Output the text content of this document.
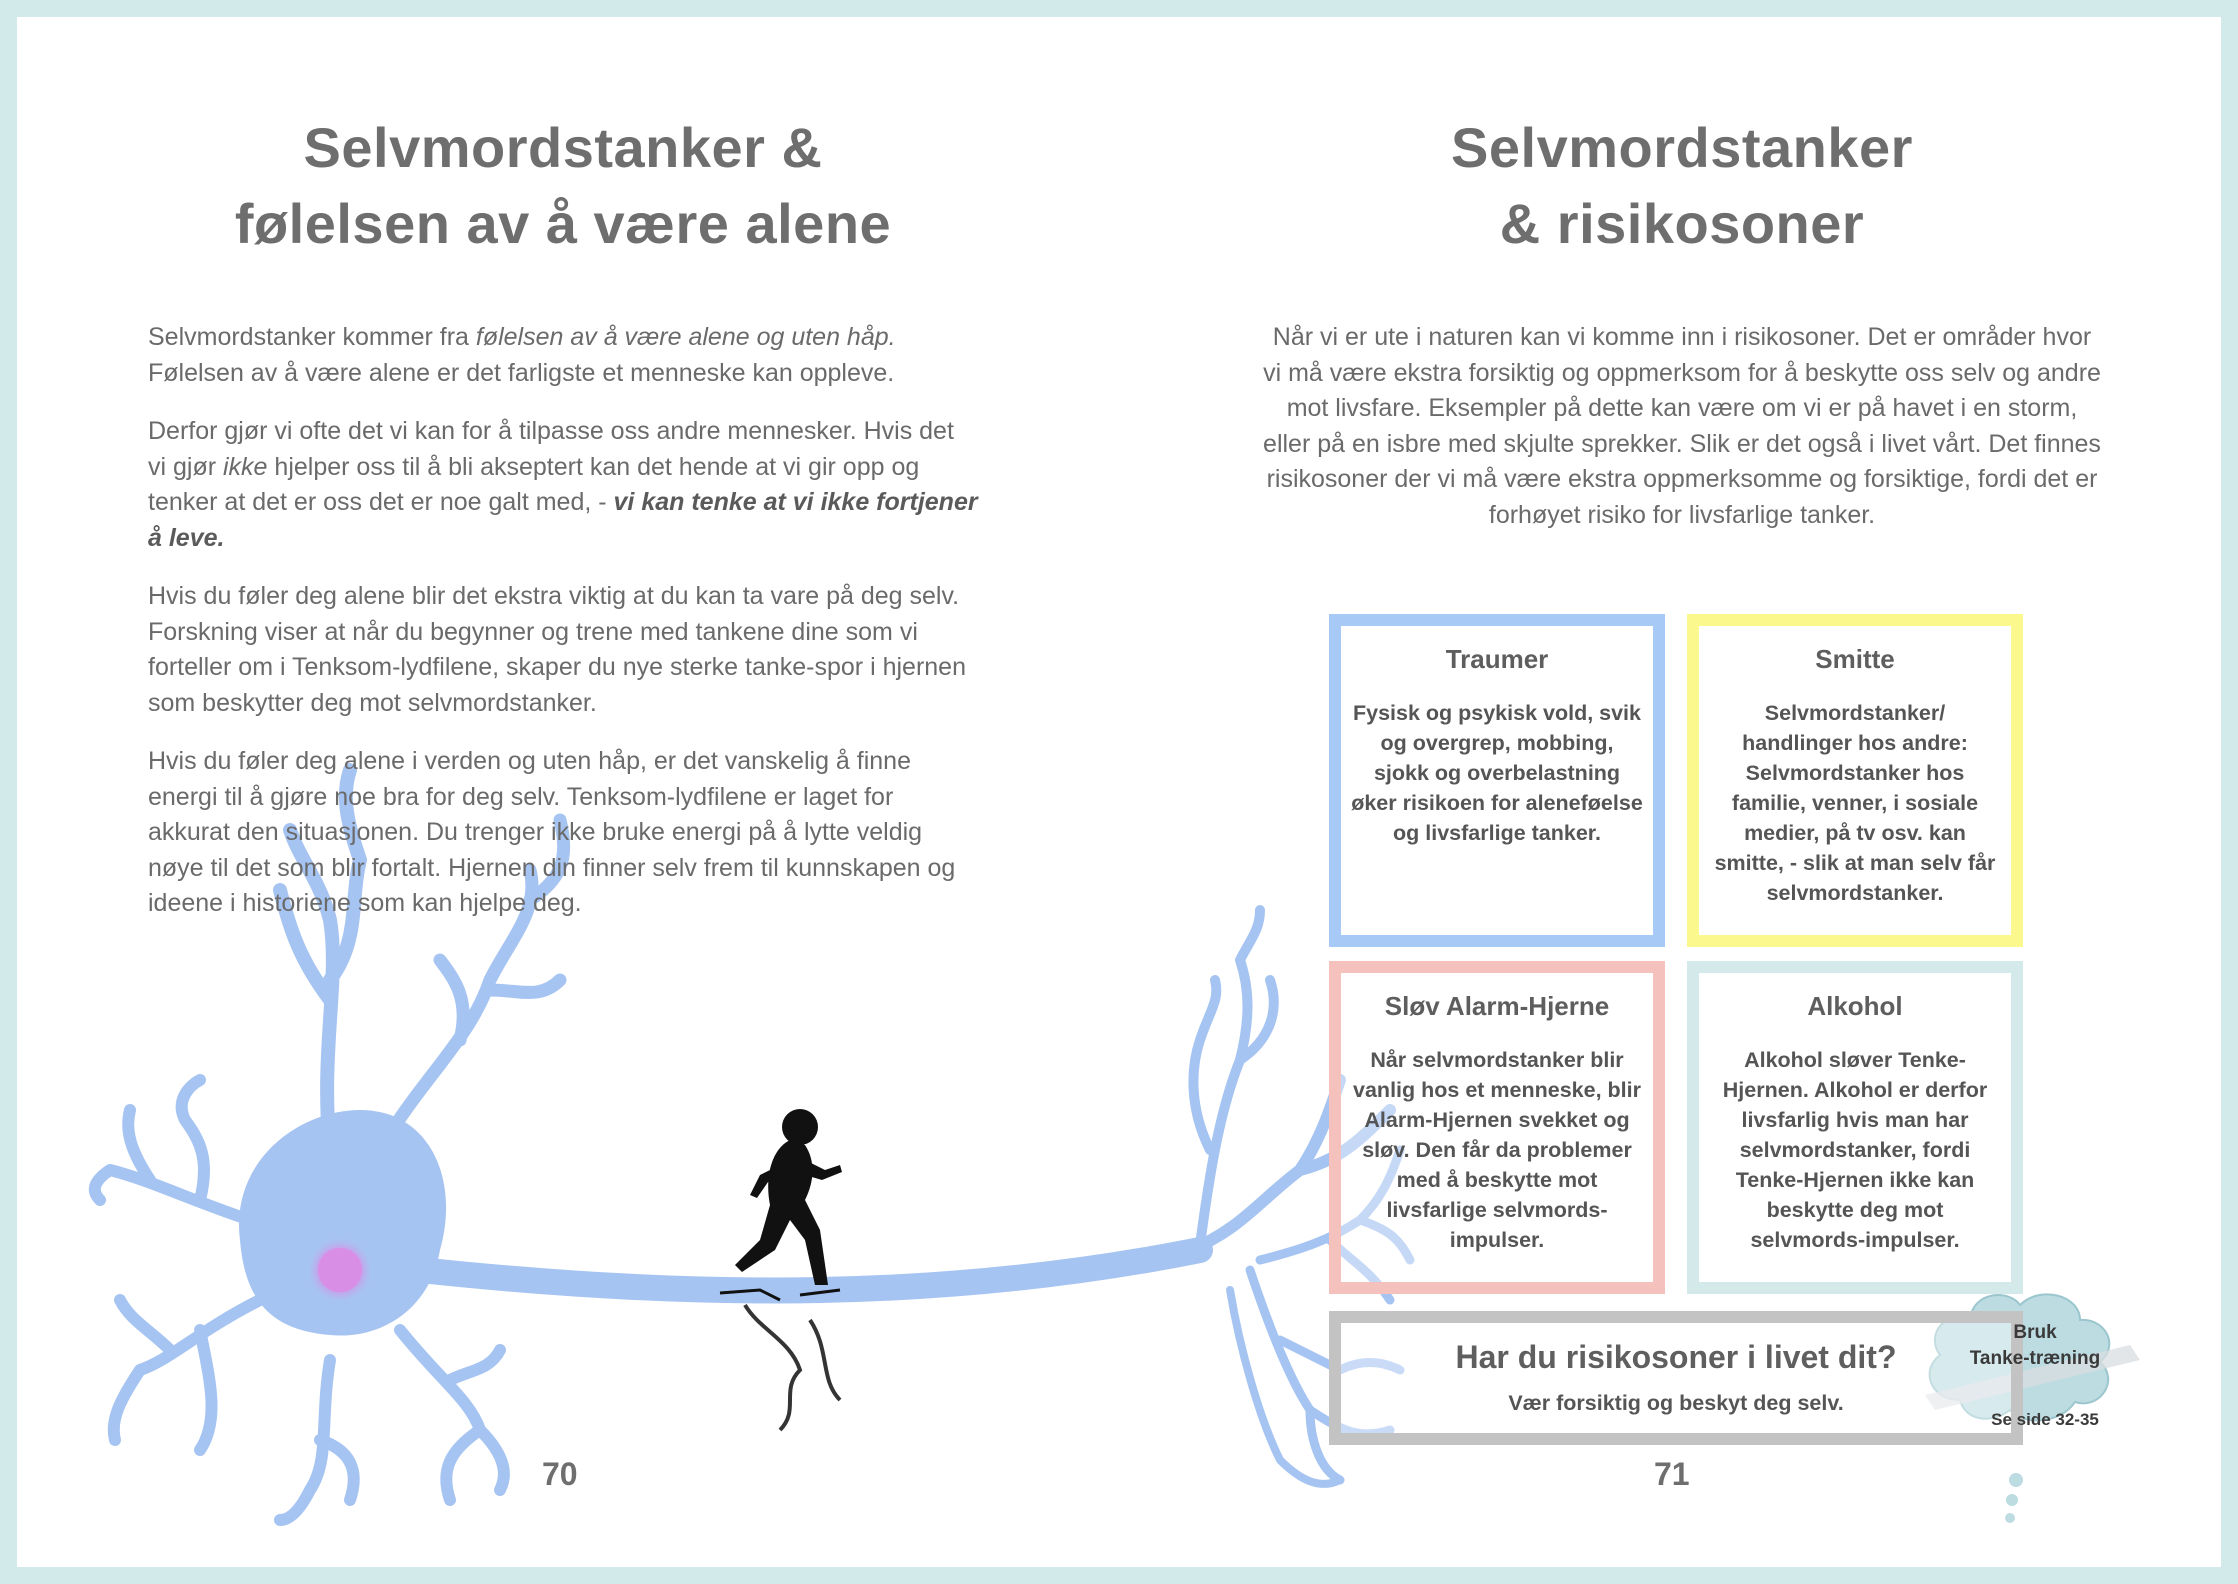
Selvmordstanker &
følelsen av å være alene

Selvmordstanker kommer fra følelsen av å være alene og uten håp.
Følelsen av å være alene er det farligste et menneske kan oppleve.

Derfor gjør vi ofte det vi kan for å tilpasse oss andre mennesker. Hvis det vi gjør ikke hjelper oss til å bli akseptert kan det hende at vi gir opp og tenker at det er oss det er noe galt med, - vi kan tenke at vi ikke fortjener å leve.

Hvis du føler deg alene blir det ekstra viktig at du kan ta vare på deg selv. Forskning viser at når du begynner og trene med tankene dine som vi forteller om i Tenksom-lydfilene, skaper du nye sterke tanke-spor i hjernen som beskytter deg mot selvmordstanker.

Hvis du føler deg alene i verden og uten håp, er det vanskelig å finne energi til å gjøre noe bra for deg selv. Tenksom-lydfilene er laget for akkurat den situasjonen. Du trenger ikke bruke energi på å lytte veldig nøye til det som blir fortalt. Hjernen din finner selv frem til kunnskapen og ideene i historiene som kan hjelpe deg.

70
Selvmordstanker
& risikosoner
Når vi er ute i naturen kan vi komme inn i risikosoner. Det er områder hvor vi må være ekstra forsiktig og oppmerksom for å beskytte oss selv og andre mot livsfare. Eksempler på dette kan være om vi er på havet i en storm, eller på en isbre med skjulte sprekker. Slik er det også i livet vårt. Det finnes risikosoner der vi må være ekstra oppmerksomme og forsiktige, fordi det er forhøyet risiko for livsfarlige tanker.
Traumer
Fysisk og psykisk vold, svik og overgrep, mobbing, sjokk og overbelastning øker risikoen for aleneføelse og livsfarlige tanker.
Smitte
Selvmordstanker/ handlinger hos andre: Selvmordstanker hos familie, venner, i sosiale medier, på tv osv. kan smitte, - slik at man selv får selvmordstanker.
Sløv Alarm-Hjerne
Når selvmordstanker blir vanlig hos et menneske, blir Alarm-Hjernen svekket og sløv. Den får da problemer med å beskytte mot livsfarlige selvmords-impulser.
Alkohol
Alkohol sløver Tenke-Hjernen. Alkohol er derfor livsfarlig hvis man har selvmordstanker, fordi Tenke-Hjernen ikke kan beskytte deg mot selvmords-impulser.
Har du risikosoner i livet dit?
Vær forsiktig og beskyt deg selv.
Bruk
Tanke-træning
Se side 32-35
71
